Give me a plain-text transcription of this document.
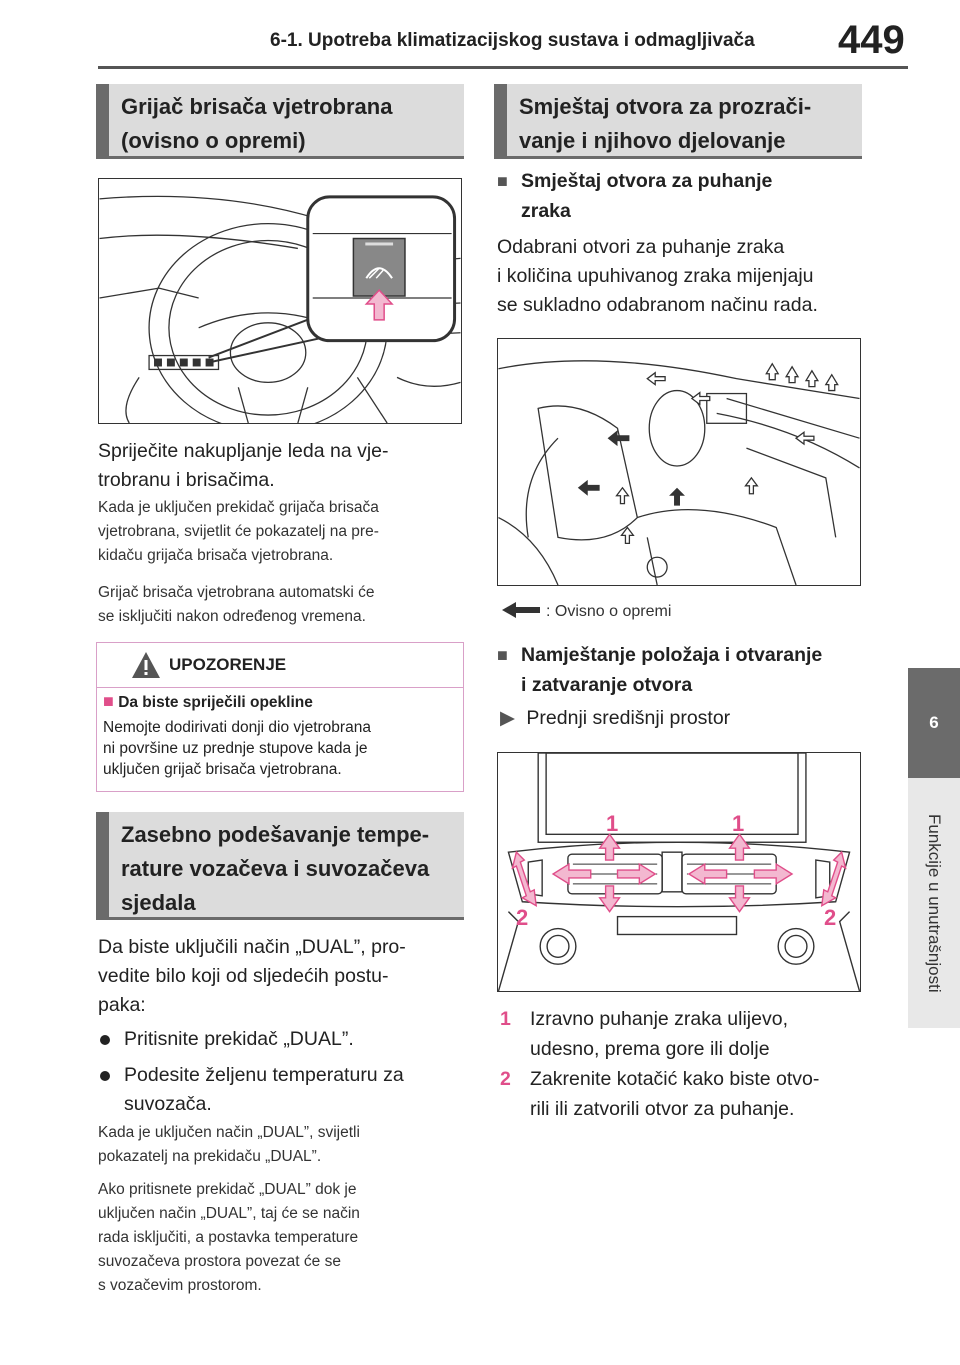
6-1. Upotreba klimatizacijskog sustava i odmagljivača 449
6
Funkcije u unutrašnjosti
Grijač brisača vjetrobrana
(ovisno o opremi)

Spriječite nakupljanje leda na vje-
trobranu i brisačima.

Kada je uključen prekidač grijača brisača
vjetrobrana, svijetlit će pokazatelj na pre-
kidaču grijača brisača vjetrobrana.

Grijač brisača vjetrobrana automatski će
se isključiti nakon određenog vremena.

UPOZORENJE
■ Da biste spriječili opekline
Nemojte dodirivati donji dio vjetrobrana
ni površine uz prednje stupove kada je
uključen grijač brisača vjetrobrana.
Zasebno podešavanje tempe-
rature vozačeva i suvozačeva
sjedala

Da biste uključili način „DUAL”, pro-
vedite bilo koji od sljedećih postu-
paka:

Pritisnite prekidač „DUAL”.
Podesite željenu temperaturu za
suvozača.

Kada je uključen način „DUAL”, svijetli
pokazatelj na prekidaču „DUAL”.

Ako pritisnete prekidač „DUAL” dok je
uključen način „DUAL”, taj će se način
rada isključiti, a postavka temperature
suvozačeva prostora povezat će se
s vozačevim prostorom.

Smještaj otvora za prozrači-
vanje i njihovo djelovanje
■ Smještaj otvora za puhanje
zraka

Odabrani otvori za puhanje zraka
i količina upuhivanog zraka mijenjaju
se sukladno odabranom načinu rada.

: Ovisno o opremi
■ Namještanje položaja i otvaranje
i zatvaranje otvora
▶ Prednji središnji prostor
1	1
2	2
1 Izravno puhanje zraka ulijevo,
udesno, prema gore ili dolje
2 Zakrenite kotačić kako biste otvo-
rili ili zatvorili otvor za puhanje.
